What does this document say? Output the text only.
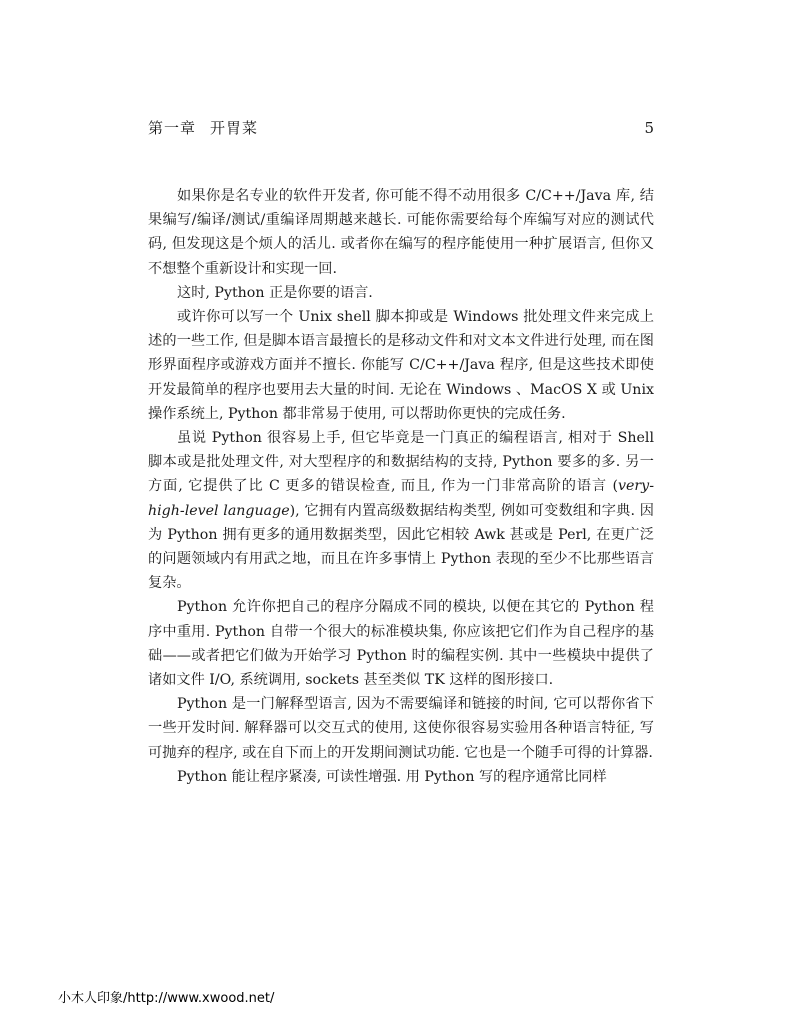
第一章 开胃菜	5

如果你是名专业的软件开发者, 你可能不得不动用很多 C/C++/Java 库, 结果编写/编译/测试/重编译周期越来越长. 可能你需要给每个库编写对应的测试代码, 但发现这是个烦人的活儿. 或者你在编写的程序能使用一种扩展语言, 但你又不想整个重新设计和实现一回.

这时, Python 正是你要的语言.

或许你可以写一个 Unix shell 脚本抑或是 Windows 批处理文件来完成上述的一些工作, 但是脚本语言最擅长的是移动文件和对文本文件进行处理, 而在图形界面程序或游戏方面并不擅长. 你能写 C/C++/Java 程序, 但是这些技术即使开发最简单的程序也要用去大量的时间. 无论在 Windows 、MacOS X 或 Unix 操作系统上, Python 都非常易于使用, 可以帮助你更快的完成任务.

虽说 Python 很容易上手, 但它毕竟是一门真正的编程语言, 相对于 Shell 脚本或是批处理文件, 对大型程序的和数据结构的支持, Python 要多的多. 另一方面, 它提供了比 C 更多的错误检查, 而且, 作为一门非常高阶的语言 (very-high-level language), 它拥有内置高级数据结构类型, 例如可变数组和字典. 因为 Python 拥有更多的通用数据类型，因此它相较 Awk 甚或是 Perl, 在更广泛的问题领域内有用武之地，而且在许多事情上 Python 表现的至少不比那些语言复杂。

Python 允许你把自己的程序分隔成不同的模块, 以便在其它的 Python 程序中重用. Python 自带一个很大的标准模块集, 你应该把它们作为自己程序的基础——或者把它们做为开始学习 Python 时的编程实例. 其中一些模块中提供了诸如文件 I/O, 系统调用, sockets 甚至类似 TK 这样的图形接口.

Python 是一门解释型语言, 因为不需要编译和链接的时间, 它可以帮你省下一些开发时间. 解释器可以交互式的使用, 这使你很容易实验用各种语言特征, 写可抛弃的程序, 或在自下而上的开发期间测试功能. 它也是一个随手可得的计算器.

Python 能让程序紧凑, 可读性增强. 用 Python 写的程序通常比同样

小木人印象/http://www.xwood.net/
